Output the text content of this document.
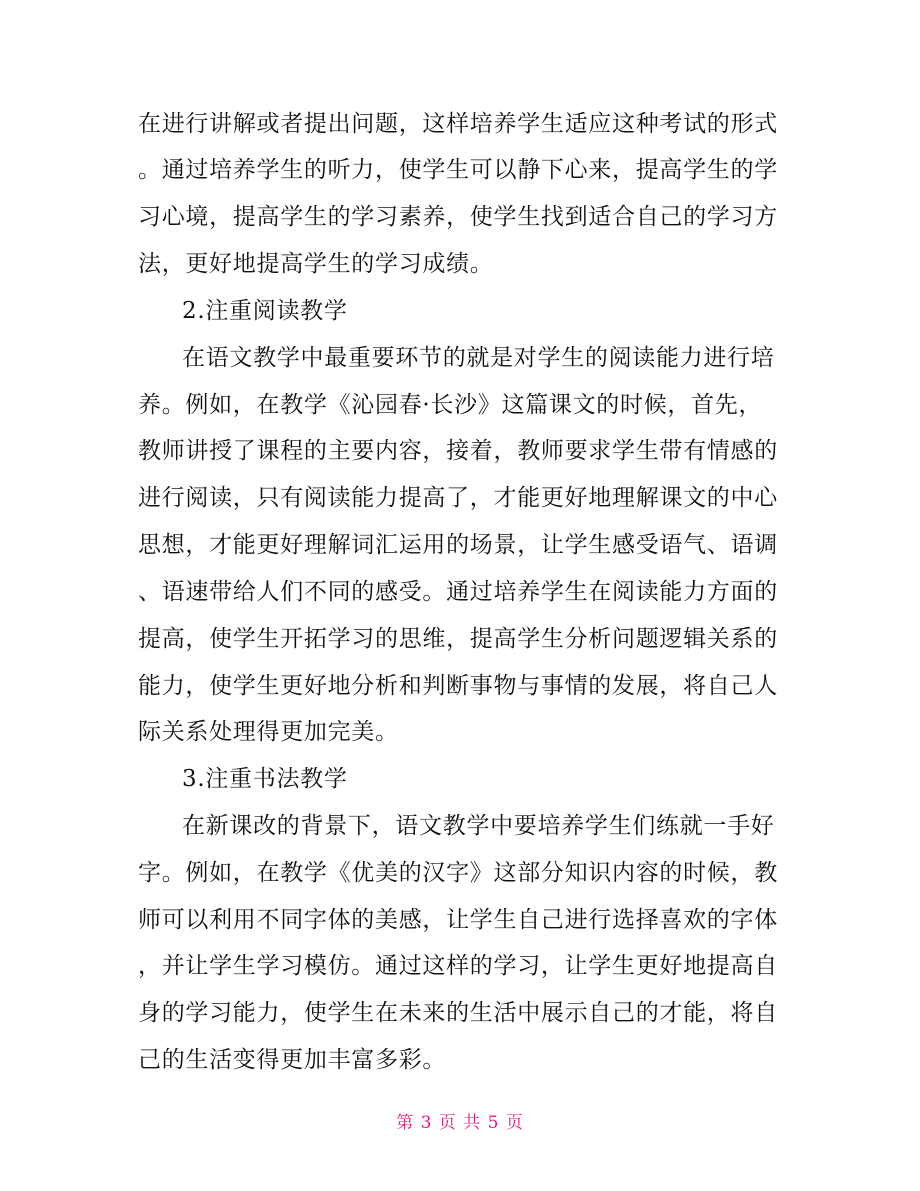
在进行讲解或者提出问题，这样培养学生适应这种考试的形式
。通过培养学生的听力，使学生可以静下心来，提高学生的学
习心境，提高学生的学习素养，使学生找到适合自己的学习方
法，更好地提高学生的学习成绩。
2.注重阅读教学
在语文教学中最重要环节的就是对学生的阅读能力进行培
养。例如，在教学《沁园春·长沙》这篇课文的时候，首先，
教师讲授了课程的主要内容，接着，教师要求学生带有情感的
进行阅读，只有阅读能力提高了，才能更好地理解课文的中心
思想，才能更好理解词汇运用的场景，让学生感受语气、语调
、语速带给人们不同的感受。通过培养学生在阅读能力方面的
提高，使学生开拓学习的思维，提高学生分析问题逻辑关系的
能力，使学生更好地分析和判断事物与事情的发展，将自己人
际关系处理得更加完美。
3.注重书法教学
在新课改的背景下，语文教学中要培养学生们练就一手好
字。例如，在教学《优美的汉字》这部分知识内容的时候，教
师可以利用不同字体的美感，让学生自己进行选择喜欢的字体
，并让学生学习模仿。通过这样的学习，让学生更好地提高自
身的学习能力，使学生在未来的生活中展示自己的才能，将自
己的生活变得更加丰富多彩。
第 3 页 共 5 页
